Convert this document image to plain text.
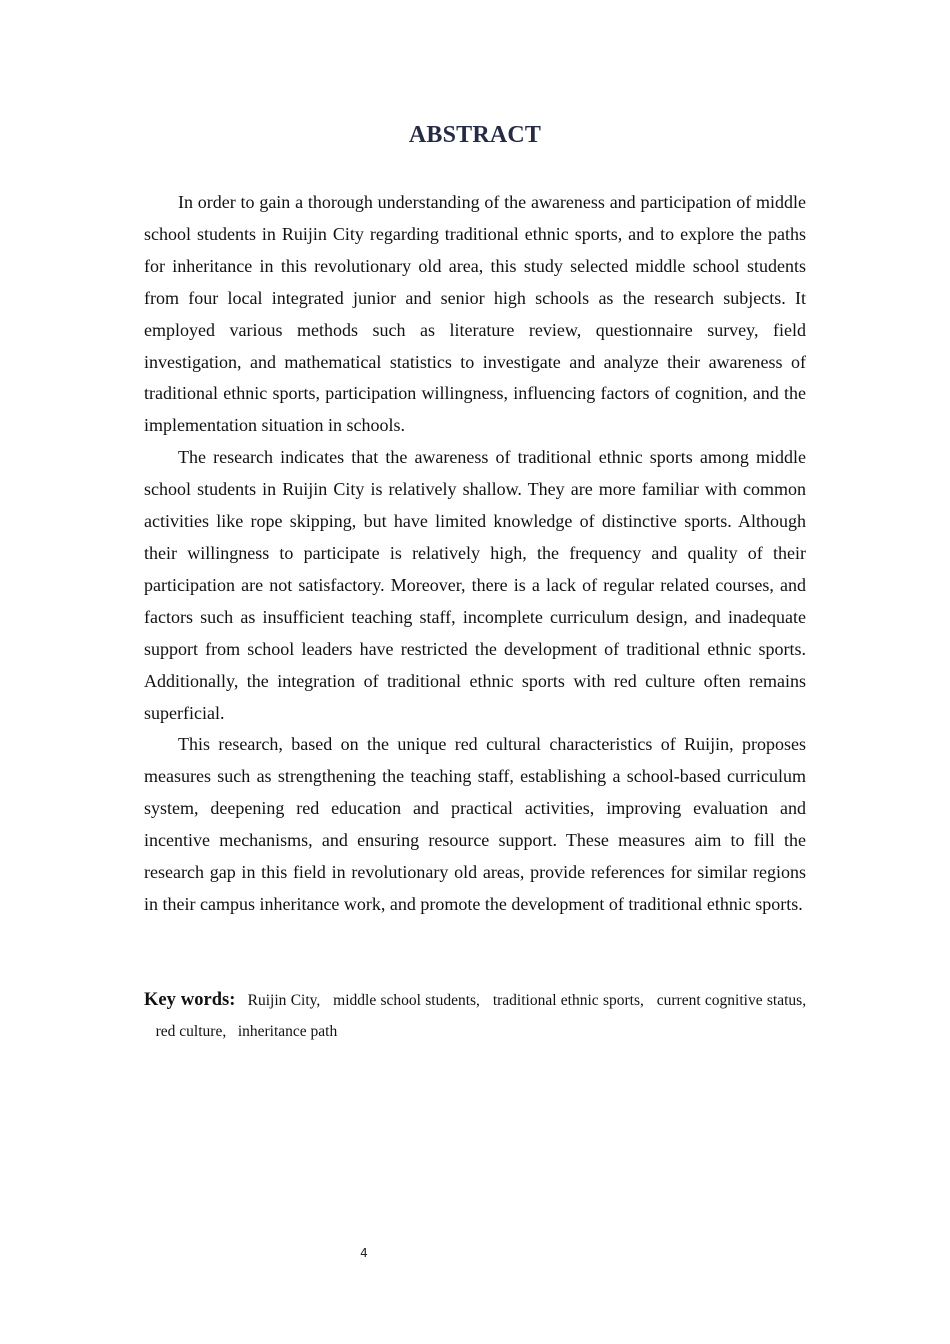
ABSTRACT

In order to gain a thorough understanding of the awareness and participation of middle school students in Ruijin City regarding traditional ethnic sports, and to explore the paths for inheritance in this revolutionary old area, this study selected middle school students from four local integrated junior and senior high schools as the research subjects. It employed various methods such as literature review, questionnaire survey, field investigation, and mathematical statistics to investigate and analyze their awareness of traditional ethnic sports, participation willingness, influencing factors of cognition, and the implementation situation in schools.

The research indicates that the awareness of traditional ethnic sports among middle school students in Ruijin City is relatively shallow. They are more familiar with common activities like rope skipping, but have limited knowledge of distinctive sports. Although their willingness to participate is relatively high, the frequency and quality of their participation are not satisfactory. Moreover, there is a lack of regular related courses, and factors such as insufficient teaching staff, incomplete curriculum design, and inadequate support from school leaders have restricted the development of traditional ethnic sports. Additionally, the integration of traditional ethnic sports with red culture often remains superficial.

This research, based on the unique red cultural characteristics of Ruijin, proposes measures such as strengthening the teaching staff, establishing a school-based curriculum system, deepening red education and practical activities, improving evaluation and incentive mechanisms, and ensuring resource support. These measures aim to fill the research gap in this field in revolutionary old areas, provide references for similar regions in their campus inheritance work, and promote the development of traditional ethnic sports.

Key words: Ruijin City, middle school students, traditional ethnic sports, current cognitive status,   red culture, inheritance path
4
